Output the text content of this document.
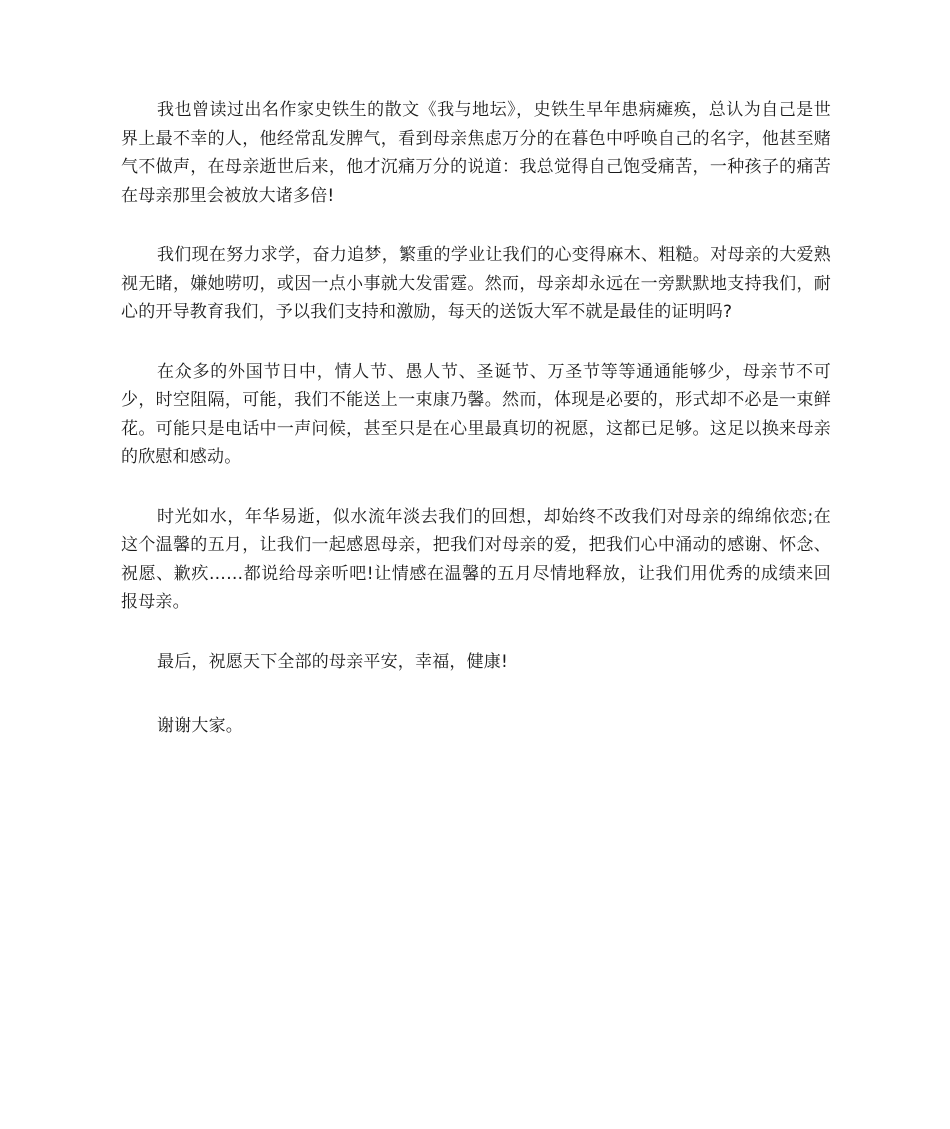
我也曾读过出名作家史铁生的散文《我与地坛》，史铁生早年患病瘫痪，总认为自己是世界上最不幸的人，他经常乱发脾气，看到母亲焦虑万分的在暮色中呼唤自己的名字，他甚至赌气不做声，在母亲逝世后来，他才沉痛万分的说道：我总觉得自己饱受痛苦，一种孩子的痛苦在母亲那里会被放大诸多倍!

我们现在努力求学，奋力追梦，繁重的学业让我们的心变得麻木、粗糙。对母亲的大爱熟视无睹，嫌她唠叨，或因一点小事就大发雷霆。然而，母亲却永远在一旁默默地支持我们，耐心的开导教育我们，予以我们支持和激励，每天的送饭大军不就是最佳的证明吗?

在众多的外国节日中，情人节、愚人节、圣诞节、万圣节等等通通能够少，母亲节不可少，时空阻隔，可能，我们不能送上一束康乃馨。然而，体现是必要的，形式却不必是一束鲜花。可能只是电话中一声问候，甚至只是在心里最真切的祝愿，这都已足够。这足以换来母亲的欣慰和感动。

时光如水，年华易逝，似水流年淡去我们的回想，却始终不改我们对母亲的绵绵依恋;在这个温馨的五月，让我们一起感恩母亲，把我们对母亲的爱，把我们心中涌动的感谢、怀念、祝愿、歉疚……都说给母亲听吧!让情感在温馨的五月尽情地释放，让我们用优秀的成绩来回报母亲。

最后，祝愿天下全部的母亲平安，幸福，健康!

谢谢大家。
